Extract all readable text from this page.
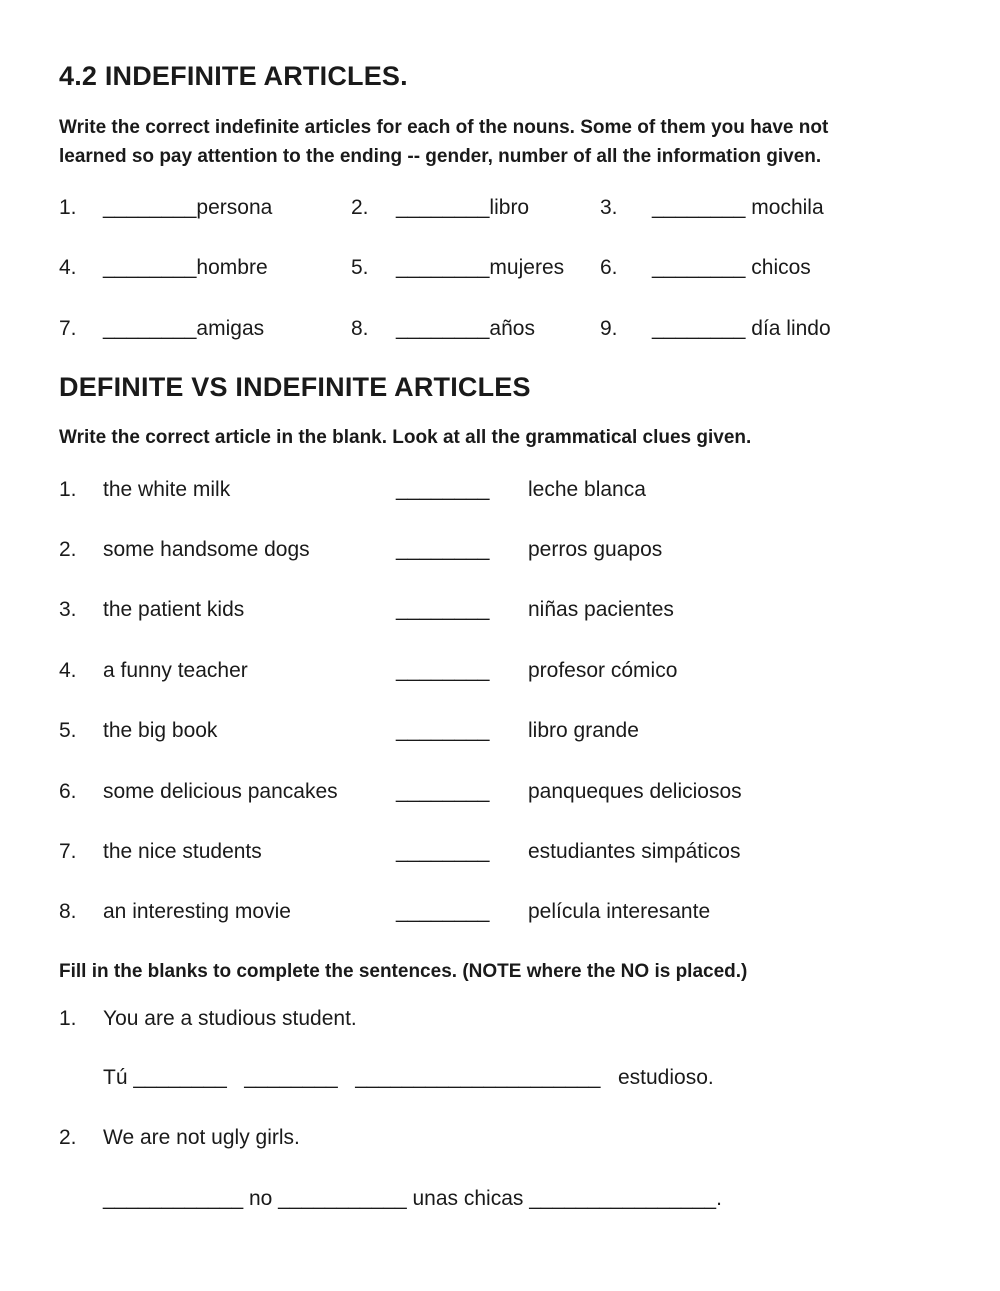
4.2 INDEFINITE ARTICLES.
Write the correct indefinite articles for each of the nouns. Some of them you have not
learned so pay attention to the ending -- gender, number of all the information given.
1. ________persona	2. ________libro	3. ________ mochila
4. ________hombre	5. ________mujeres 6. ________ chicos
7. ________amigas	8. ________años	9. ________ día lindo
DEFINITE VS INDEFINITE ARTICLES
Write the correct article in the blank. Look at all the grammatical clues given.
1. the white milk	________ leche blanca
2. some handsome dogs	________ perros guapos
3. the patient kids	________ niñas pacientes
4. a funny teacher	________ profesor cómico
5. the big book	________ libro grande
6. some delicious pancakes	________ panqueques deliciosos
7. the nice students	________ estudiantes simpáticos
8. an interesting movie	________ película interesante
Fill in the blanks to complete the sentences. (NOTE where the NO is placed.)
1. You are a studious student.
Tú ________   ________   _____________________   estudioso.
2. We are not ugly girls.
____________ no ___________ unas chicas ________________.
